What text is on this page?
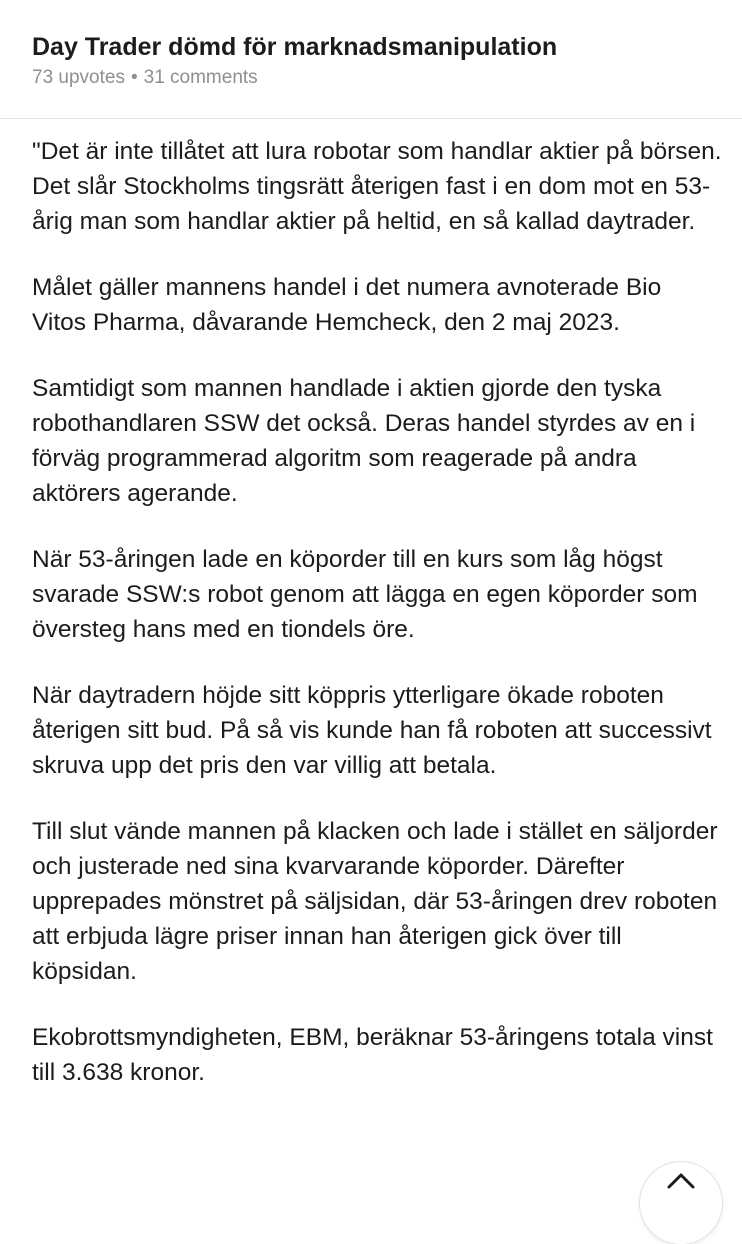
Day Trader dömd för marknadsmanipulation
73 upvotes • 31 comments

"Det är inte tillåtet att lura robotar som handlar aktier på börsen. Det slår Stockholms tingsrätt återigen fast i en dom mot en 53-årig man som handlar aktier på heltid, en så kallad daytrader.

Målet gäller mannens handel i det numera avnoterade Bio Vitos Pharma, dåvarande Hemcheck, den 2 maj 2023.

Samtidigt som mannen handlade i aktien gjorde den tyska robothandlaren SSW det också. Deras handel styrdes av en i förväg programmerad algoritm som reagerade på andra aktörers agerande.

När 53-åringen lade en köporder till en kurs som låg högst svarade SSW:s robot genom att lägga en egen köporder som översteg hans med en tiondels öre.

När daytradern höjde sitt köppris ytterligare ökade roboten återigen sitt bud. På så vis kunde han få roboten att successivt skruva upp det pris den var villig att betala.

Till slut vände mannen på klacken och lade i stället en säljorder och justerade ned sina kvarvarande köporder. Därefter upprepades mönstret på säljsidan, där 53-åringen drev roboten att erbjuda lägre priser innan han återigen gick över till köpsidan.

Ekobrottsmyndigheten, EBM, beräknar 53-åringens totala vinst till 3.638 kronor.
